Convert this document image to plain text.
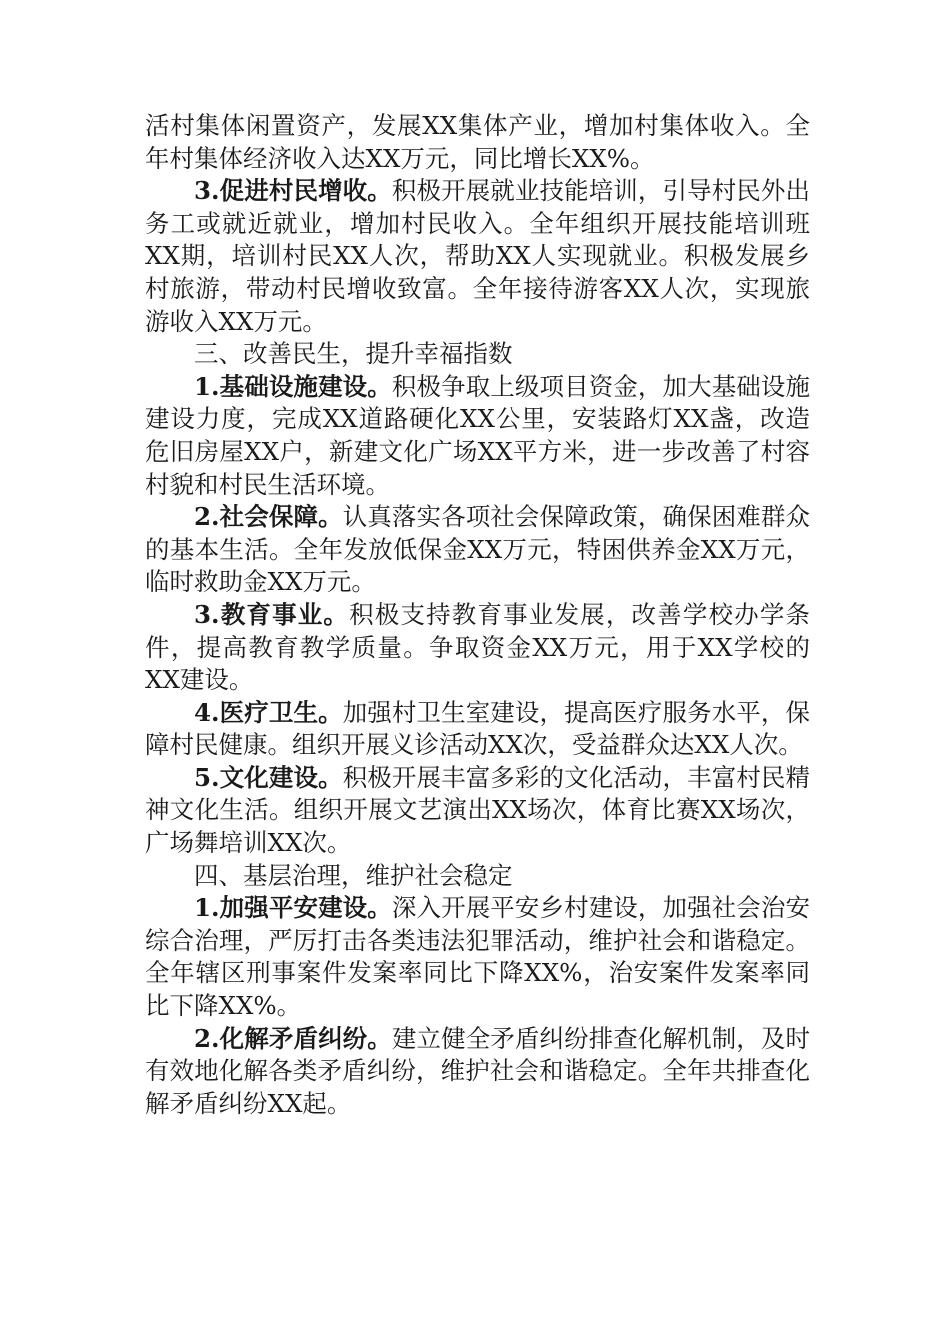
活村集体闲置资产，发展XX集体产业，增加村集体收入。全年村集体经济收入达XX万元，同比增长XX%。

3.促进村民增收。积极开展就业技能培训，引导村民外出务工或就近就业，增加村民收入。全年组织开展技能培训班XX期，培训村民XX人次，帮助XX人实现就业。积极发展乡村旅游，带动村民增收致富。全年接待游客XX人次，实现旅游收入XX万元。

三、改善民生，提升幸福指数

1.基础设施建设。积极争取上级项目资金，加大基础设施建设力度，完成XX道路硬化XX公里，安装路灯XX盏，改造危旧房屋XX户，新建文化广场XX平方米，进一步改善了村容村貌和村民生活环境。

2.社会保障。认真落实各项社会保障政策，确保困难群众的基本生活。全年发放低保金XX万元，特困供养金XX万元，临时救助金XX万元。

3.教育事业。积极支持教育事业发展，改善学校办学条件，提高教育教学质量。争取资金XX万元，用于XX学校的XX建设。

4.医疗卫生。加强村卫生室建设，提高医疗服务水平，保障村民健康。组织开展义诊活动XX次，受益群众达XX人次。

5.文化建设。积极开展丰富多彩的文化活动，丰富村民精神文化生活。组织开展文艺演出XX场次，体育比赛XX场次，广场舞培训XX次。

四、基层治理，维护社会稳定

1.加强平安建设。深入开展平安乡村建设，加强社会治安综合治理，严厉打击各类违法犯罪活动，维护社会和谐稳定。全年辖区刑事案件发案率同比下降XX%，治安案件发案率同比下降XX%。

2.化解矛盾纠纷。建立健全矛盾纠纷排查化解机制，及时有效地化解各类矛盾纠纷，维护社会和谐稳定。全年共排查化解矛盾纠纷XX起。
